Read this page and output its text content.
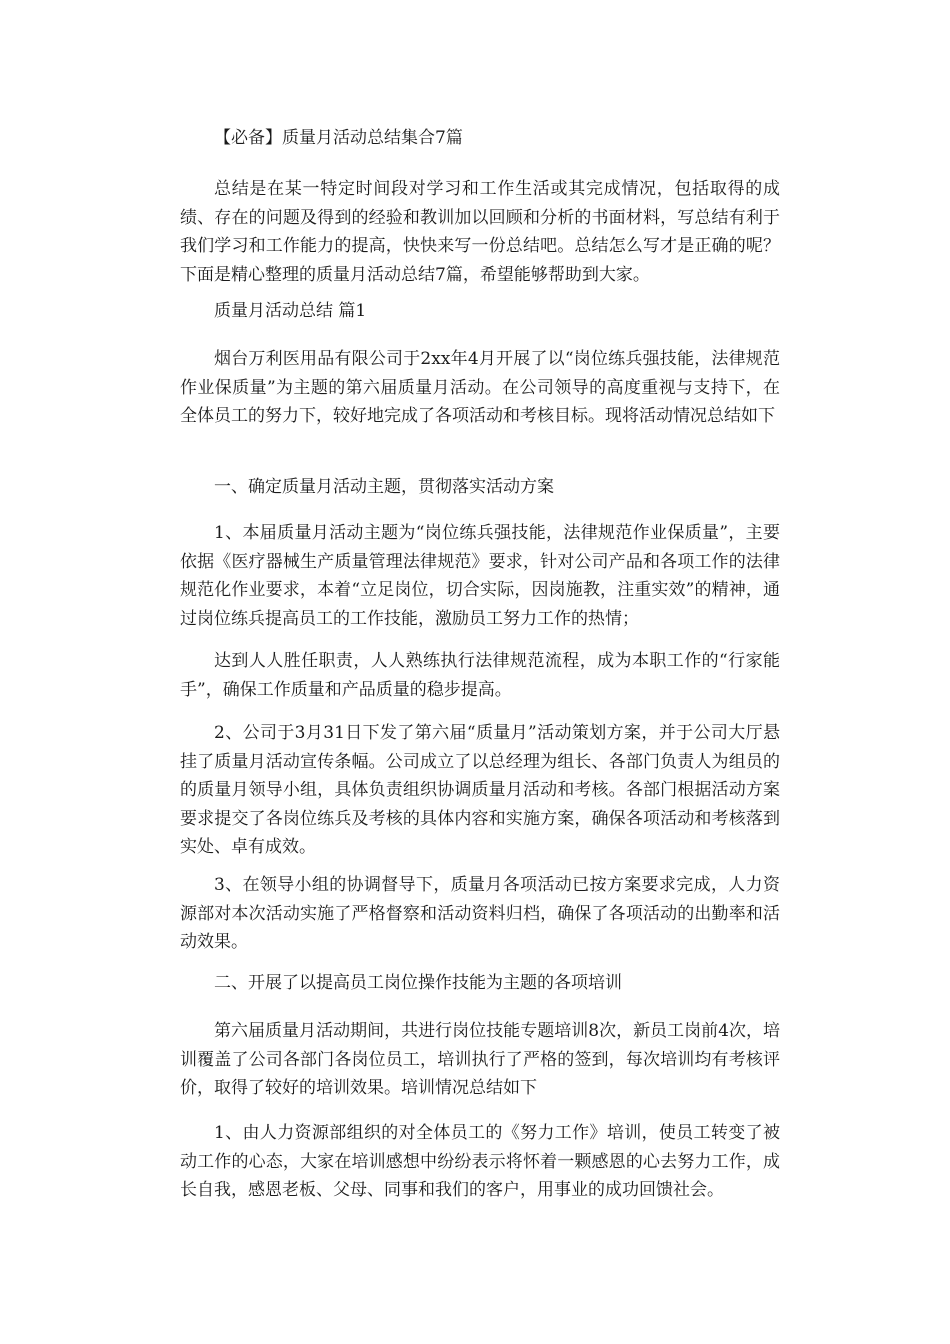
【必备】质量月活动总结集合7篇

总结是在某一特定时间段对学习和工作生活或其完成情况，包括取得的成绩、存在的问题及得到的经验和教训加以回顾和分析的书面材料，写总结有利于我们学习和工作能力的提高，快快来写一份总结吧。总结怎么写才是正确的呢？下面是精心整理的质量月活动总结7篇，希望能够帮助到大家。

质量月活动总结 篇1

烟台万利医用品有限公司于2xx年4月开展了以“岗位练兵强技能，法律规范作业保质量”为主题的第六届质量月活动。在公司领导的高度重视与支持下，在全体员工的努力下，较好地完成了各项活动和考核目标。现将活动情况总结如下

一、确定质量月活动主题，贯彻落实活动方案

1、本届质量月活动主题为“岗位练兵强技能，法律规范作业保质量”，主要依据《医疗器械生产质量管理法律规范》要求，针对公司产品和各项工作的法律规范化作业要求，本着“立足岗位，切合实际，因岗施教，注重实效”的精神，通过岗位练兵提高员工的工作技能，激励员工努力工作的热情；

达到人人胜任职责，人人熟练执行法律规范流程，成为本职工作的“行家能手”，确保工作质量和产品质量的稳步提高。

2、公司于3月31日下发了第六届“质量月”活动策划方案，并于公司大厅悬挂了质量月活动宣传条幅。公司成立了以总经理为组长、各部门负责人为组员的的质量月领导小组，具体负责组织协调质量月活动和考核。各部门根据活动方案要求提交了各岗位练兵及考核的具体内容和实施方案，确保各项活动和考核落到实处、卓有成效。

3、在领导小组的协调督导下，质量月各项活动已按方案要求完成，人力资源部对本次活动实施了严格督察和活动资料归档，确保了各项活动的出勤率和活动效果。

二、开展了以提高员工岗位操作技能为主题的各项培训

第六届质量月活动期间，共进行岗位技能专题培训8次，新员工岗前4次，培训覆盖了公司各部门各岗位员工，培训执行了严格的签到，每次培训均有考核评价，取得了较好的培训效果。培训情况总结如下

1、由人力资源部组织的对全体员工的《努力工作》培训，使员工转变了被动工作的心态，大家在培训感想中纷纷表示将怀着一颗感恩的心去努力工作，成长自我，感恩老板、父母、同事和我们的客户，用事业的成功回馈社会。
